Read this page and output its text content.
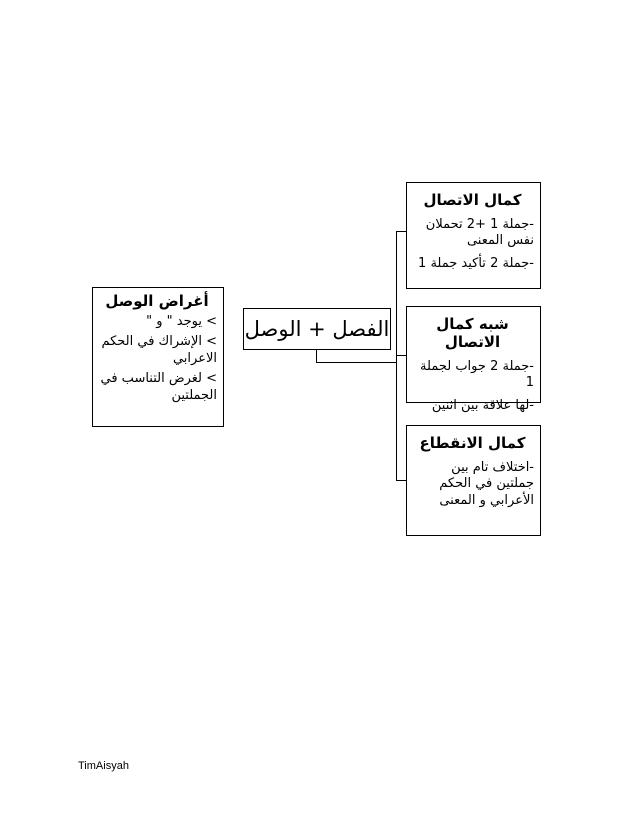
أغراض الوصل
> يوجد " و "
> الإشراك في الحكم الاعرابي
> لغرض التناسب في الجملتين
الفصل + الوصل
كمال الاتصال
-جملة 1 +2 تحملان نفس المعنى
-جملة 2 تأكيد جملة 1
شبه كمال الاتصال
-جملة 2 جواب لجملة 1
-لها علاقة بين اثنين
كمال الانقطاع
-اختلاف تام بين جملتين في الحكم الأعرابي و المعنى
TimAisyah
